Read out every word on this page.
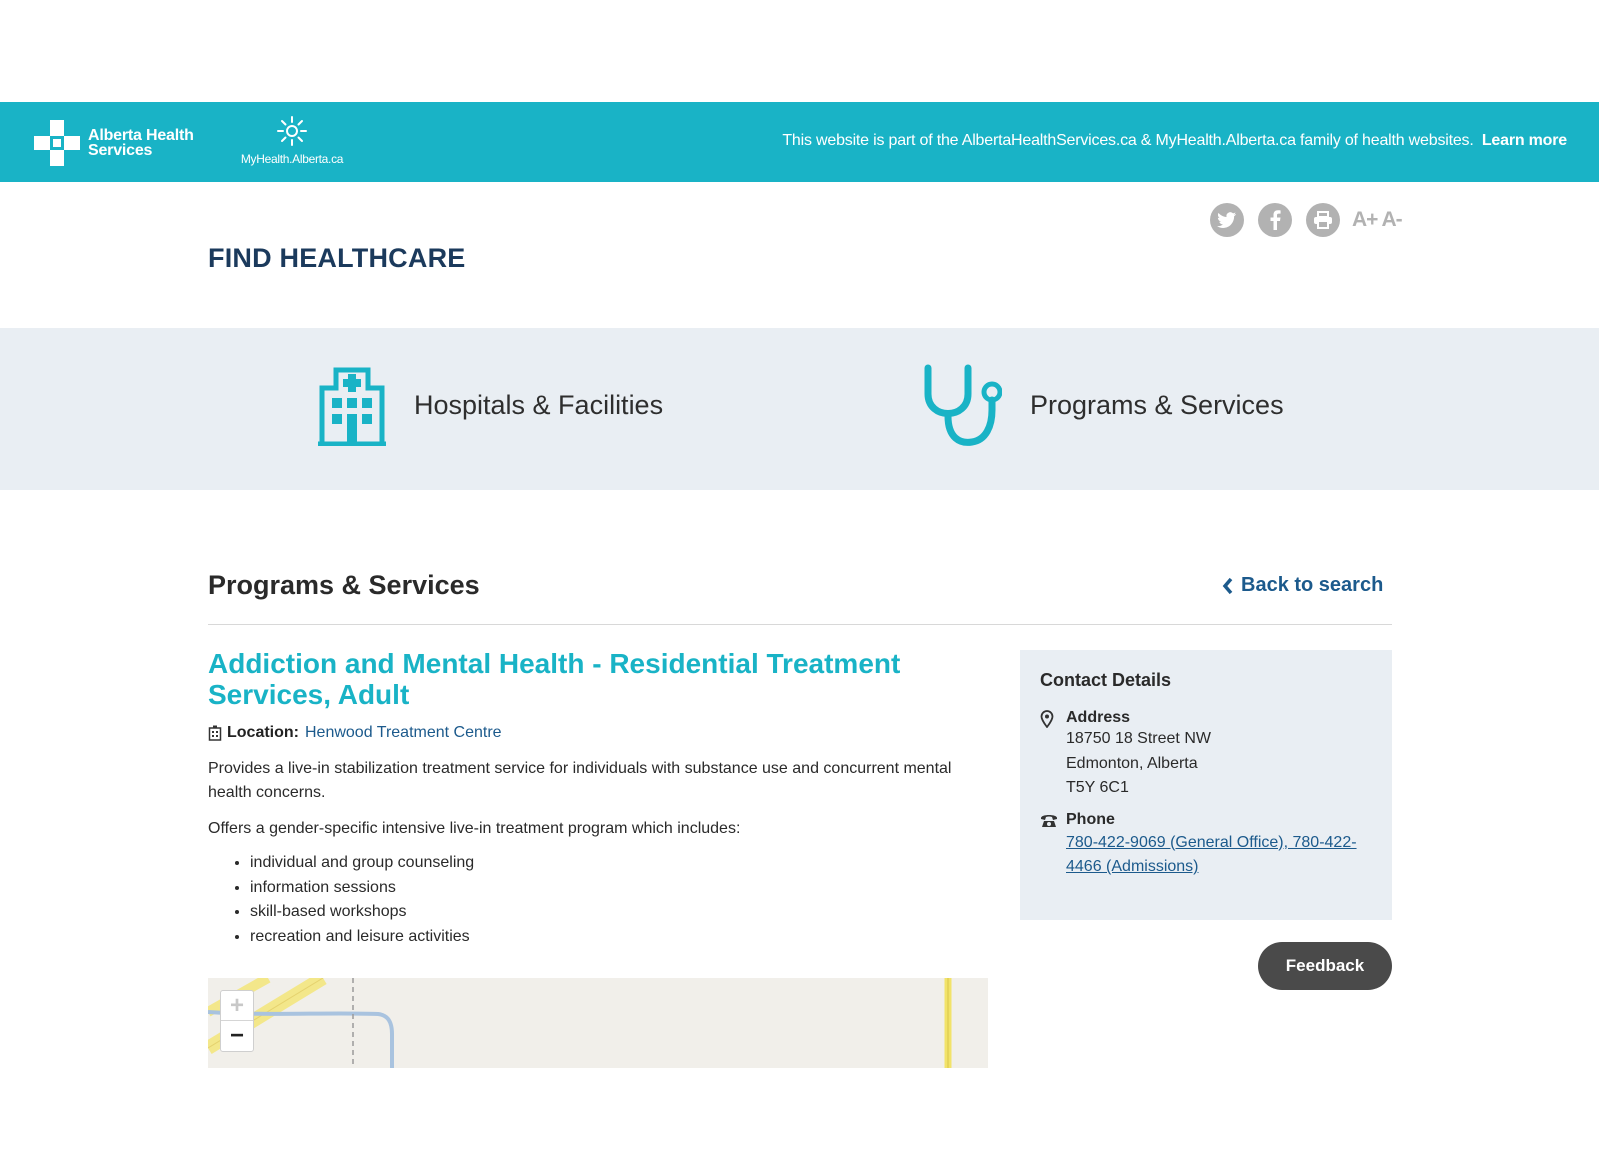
Alberta Health
Services	MyHealth.Alberta.ca
This website is part of the AlbertaHealthServices.ca & MyHealth.Alberta.ca family of health websites. Learn more
A+ A-
FIND HEALTHCARE
Hospitals & Facilities	Programs & Services
Programs & Services	Back to search
Addiction and Mental Health - Residential Treatment Services, Adult
Location: Henwood Treatment Centre

Provides a live-in stabilization treatment service for individuals with substance use and concurrent mental health concerns.

Offers a gender-specific intensive live-in treatment program which includes:

• individual and group counseling
• information sessions
• skill-based workshops
• recreation and leisure activities
+
−
Contact Details
Address
18750 18 Street NW
Edmonton, Alberta
T5Y 6C1
Phone
780-422-9069 (General Office), 780-422-4466 (Admissions)
Feedback
